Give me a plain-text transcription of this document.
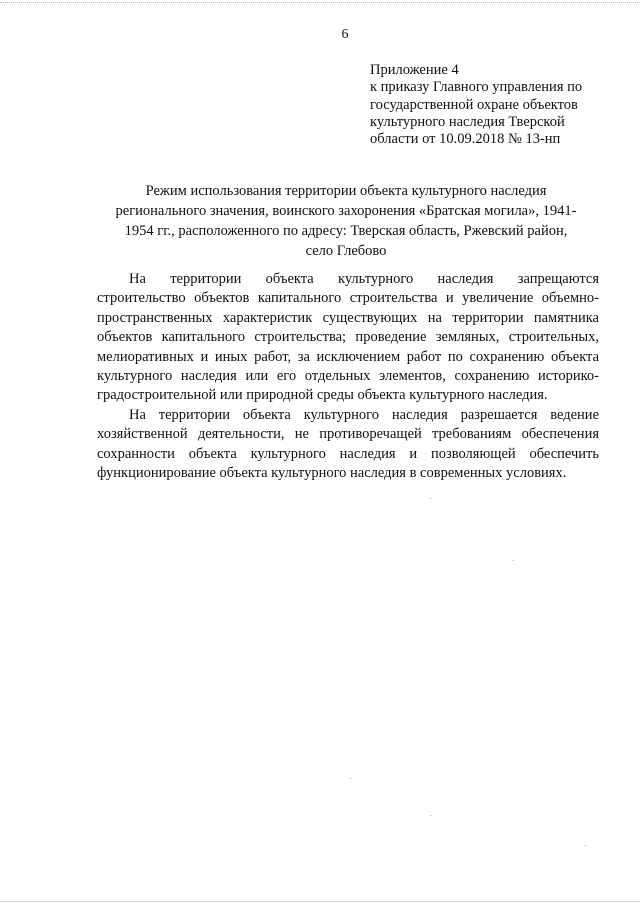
6
Приложение 4
к приказу Главного управления по
государственной охране объектов
культурного наследия Тверской
области от 10.09.2018 № 13-нп
Режим использования территории объекта культурного наследия
регионального значения, воинского захоронения «Братская могила», 1941-
1954 гг., расположенного по адресу: Тверская область, Ржевский район,
село Глебово
На территории объекта культурного наследия запрещаются
строительство объектов капитального строительства и увеличение объемно-
пространственных характеристик существующих на территории памятника
объектов капитального строительства; проведение земляных, строительных,
мелиоративных и иных работ, за исключением работ по сохранению объекта
культурного наследия или его отдельных элементов, сохранению историко-
градостроительной или природной среды объекта культурного наследия.
На территории объекта культурного наследия разрешается ведение
хозяйственной деятельности, не противоречащей требованиям обеспечения
сохранности объекта культурного наследия и позволяющей обеспечить
функционирование объекта культурного наследия в современных условиях.
